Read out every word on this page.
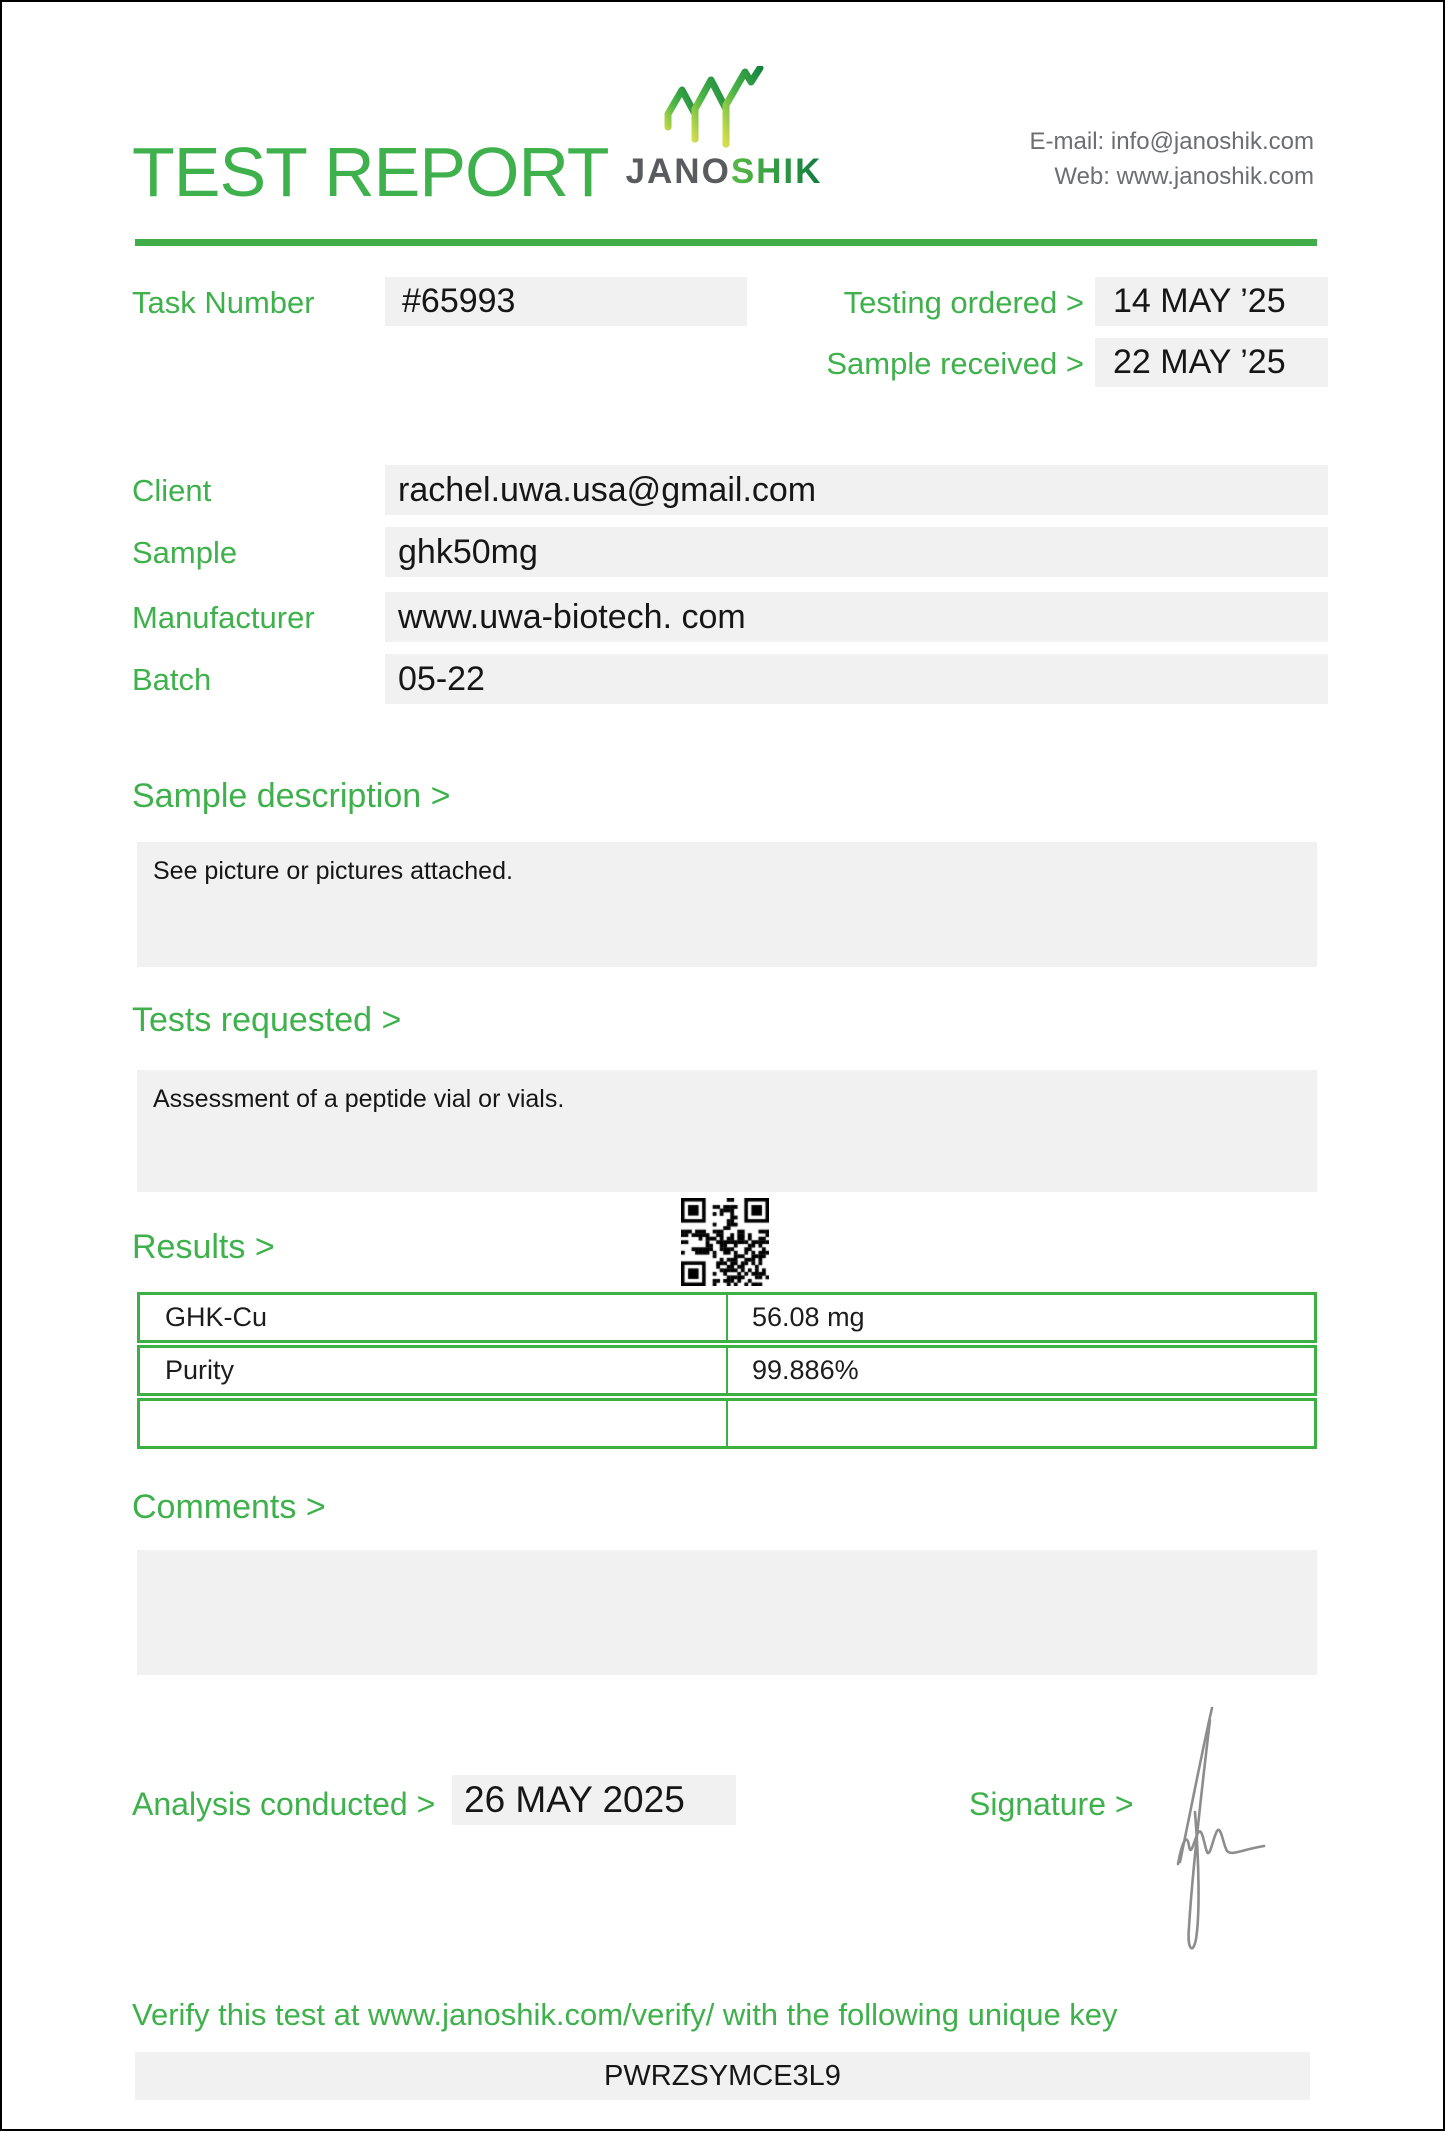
TEST REPORT JANOSHIK
E-mail: info@janoshik.com
Web: www.janoshik.com
Task Number	#65993	Testing ordered > 14 MAY ’25
Sample received > 22 MAY ’25
Client	rachel.uwa.usa@gmail.com
Sample	ghk50mg
Manufacturer	www.uwa-biotech. com
Batch	05-22
Sample description >
See picture or pictures attached.
Tests requested >
Assessment of a peptide vial or vials.
Results >
GHK-Cu	56.08 mg
Purity	99.886%
Comments >
Analysis conducted > 26 MAY 2025	Signature >
Verify this test at www.janoshik.com/verify/ with the following unique key
PWRZSYMCE3L9
